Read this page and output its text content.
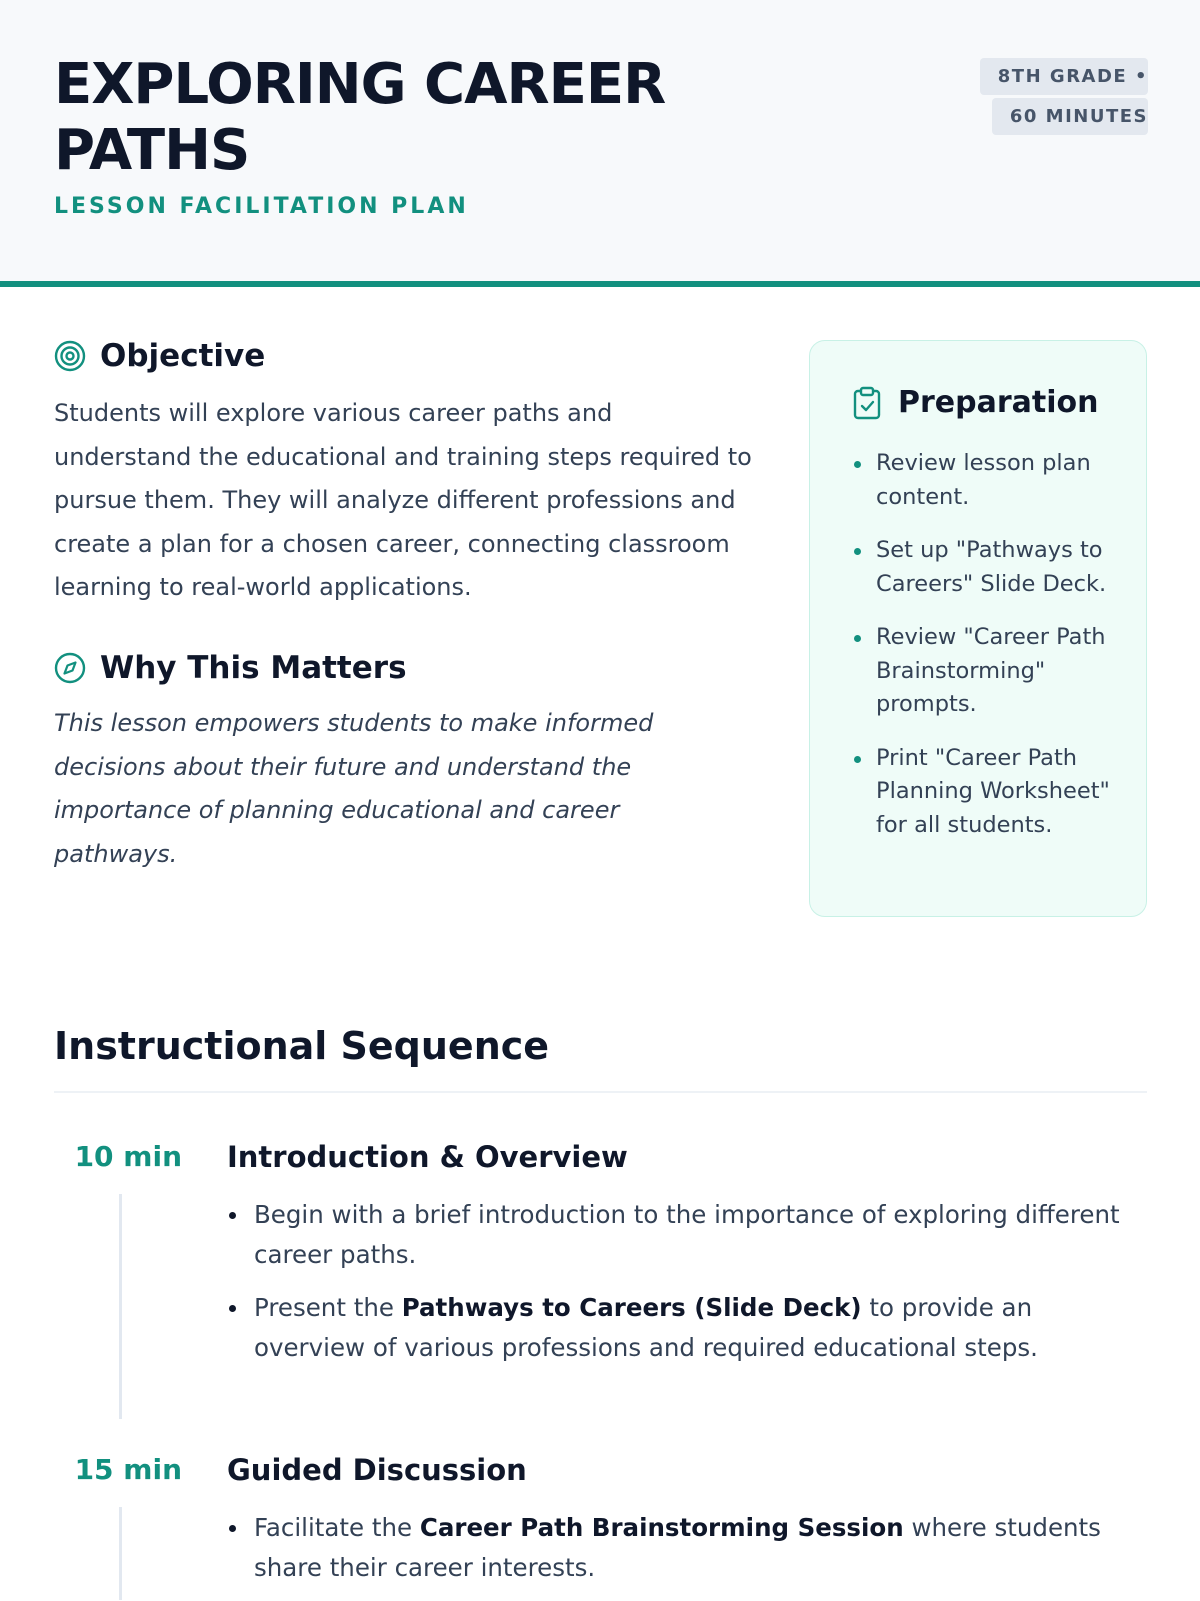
EXPLORING CAREER PATHS
LESSON FACILITATION PLAN
8TH GRADE • 60 MINUTES
Objective

Students will explore various career paths and understand the educational and training steps required to pursue them. They will analyze different professions and create a plan for a chosen career, connecting classroom learning to real-world applications.

Why This Matters

This lesson empowers students to make informed decisions about their future and understand the importance of planning educational and career pathways.

Preparation
Review lesson plan content.
Set up "Pathways to Careers" Slide Deck.
Review "Career Path Brainstorming" prompts.
Print "Career Path Planning Worksheet" for all students.
Instructional Sequence
10 min Introduction & Overview
Begin with a brief introduction to the importance of exploring different career paths.
Present the Pathways to Careers (Slide Deck) to provide an overview of various professions and required educational steps.
15 min Guided Discussion
Facilitate the Career Path Brainstorming Session where students share their career interests.
